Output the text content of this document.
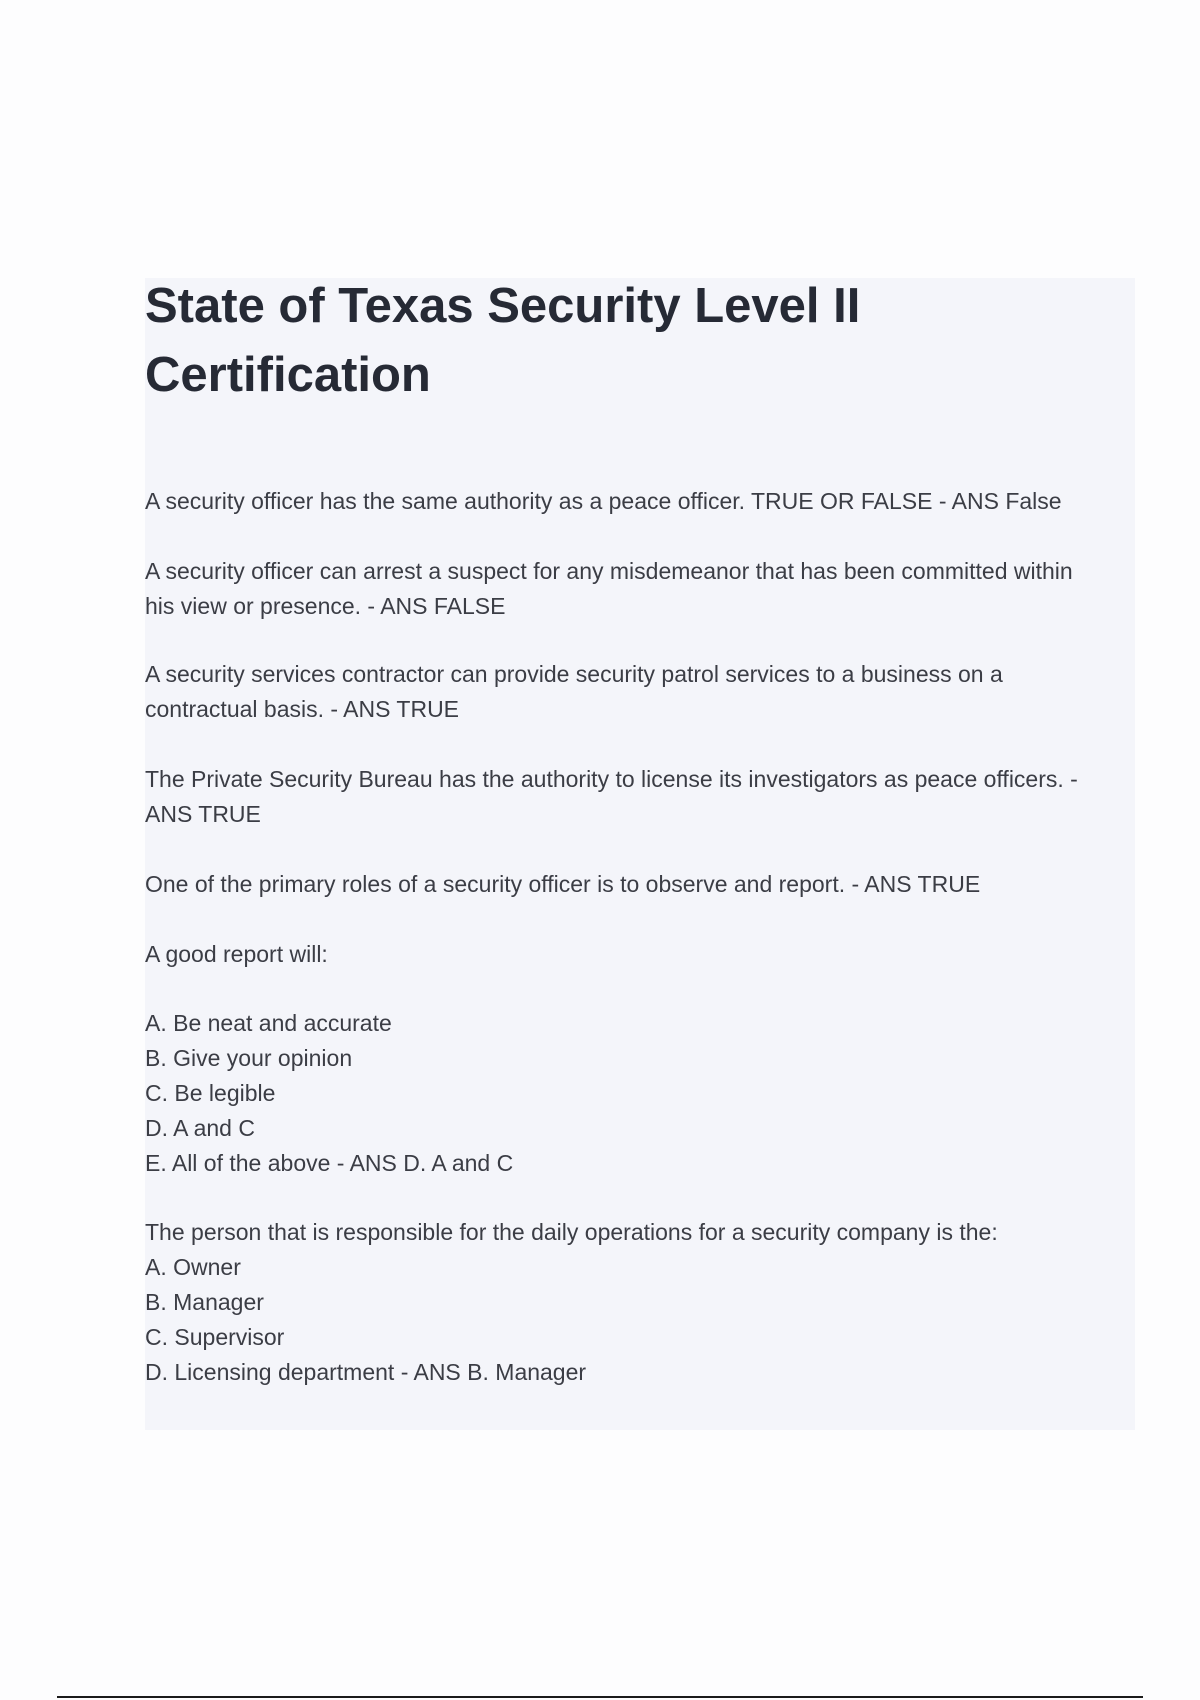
State of Texas Security Level II
Certification

A security officer has the same authority as a peace officer. TRUE OR FALSE - ANS False

A security officer can arrest a suspect for any misdemeanor that has been committed within

his view or presence. - ANS FALSE

A security services contractor can provide security patrol services to a business on a

contractual basis. - ANS TRUE

The Private Security Bureau has the authority to license its investigators as peace officers. -

ANS TRUE

One of the primary roles of a security officer is to observe and report. - ANS TRUE

A good report will:

A. Be neat and accurate

B. Give your opinion

C. Be legible

D. A and C

E. All of the above - ANS D. A and C

The person that is responsible for the daily operations for a security company is the:

A. Owner

B. Manager

C. Supervisor

D. Licensing department - ANS B. Manager
